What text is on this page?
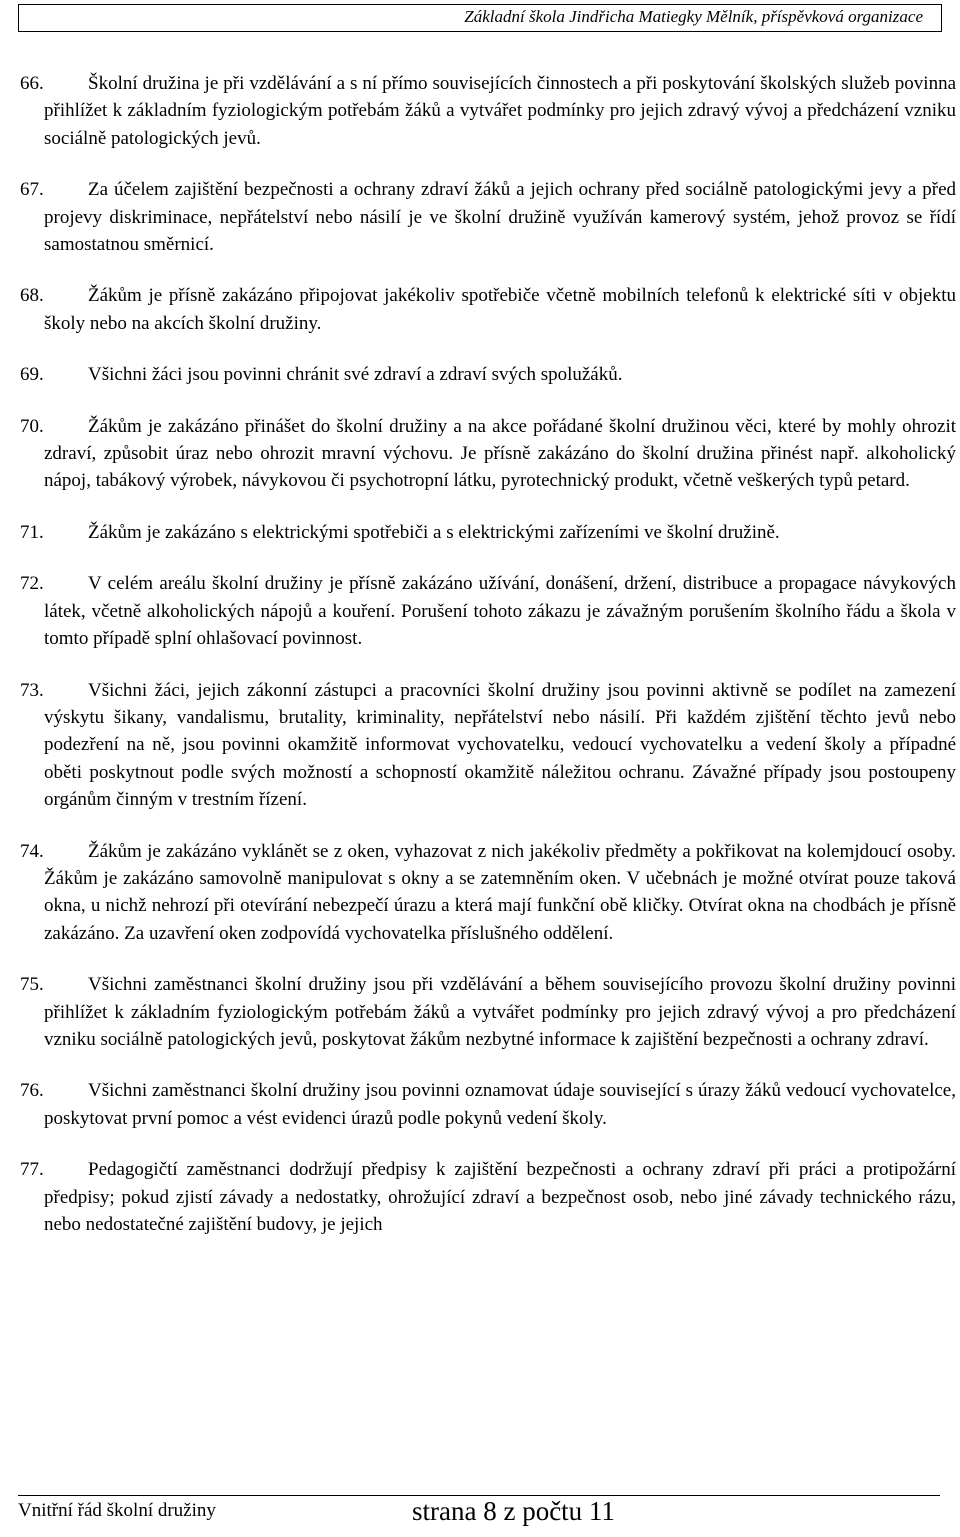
Základní škola Jindřicha Matiegky Mělník, příspěvková organizace
66.	Školní družina je při vzdělávání a s ní přímo souvisejících činnostech a při poskytování školských služeb povinna přihlížet k základním fyziologickým potřebám žáků a vytvářet podmínky pro jejich zdravý vývoj a předcházení vzniku sociálně patologických jevů.
67.	Za účelem zajištění bezpečnosti a ochrany zdraví žáků a jejich ochrany před sociálně patologickými jevy a před projevy diskriminace, nepřátelství nebo násilí je ve školní družině využíván kamerový systém, jehož provoz se řídí samostatnou směrnicí.
68.	Žákům je přísně zakázáno připojovat jakékoliv spotřebiče včetně mobilních telefonů k elektrické síti v objektu školy nebo na akcích školní družiny.
69.	Všichni žáci jsou povinni chránit své zdraví a zdraví svých spolužáků.
70.	Žákům je zakázáno přinášet do školní družiny a na akce pořádané školní družinou věci, které by mohly ohrozit zdraví, způsobit úraz nebo ohrozit mravní výchovu. Je přísně zakázáno do školní družina přinést např. alkoholický nápoj, tabákový výrobek, návykovou či psychotropní látku, pyrotechnický produkt, včetně veškerých typů petard.
71.	Žákům je zakázáno s elektrickými spotřebiči a s elektrickými zařízeními ve školní družině.
72.	V celém areálu školní družiny je přísně zakázáno užívání, donášení, držení, distribuce a propagace návykových látek, včetně alkoholických nápojů a kouření. Porušení tohoto zákazu je závažným porušením školního řádu a škola v tomto případě splní ohlašovací povinnost.
73.	Všichni žáci, jejich zákonní zástupci a pracovníci školní družiny jsou povinni aktivně se podílet na zamezení výskytu šikany, vandalismu, brutality, kriminality, nepřátelství nebo násilí. Při každém zjištění těchto jevů nebo podezření na ně, jsou povinni okamžitě informovat vychovatelku, vedoucí vychovatelku a vedení školy a případné oběti poskytnout podle svých možností a schopností okamžitě náležitou ochranu. Závažné případy jsou postoupeny orgánům činným v trestním řízení.
74.	Žákům je zakázáno vyklánět se z oken, vyhazovat z nich jakékoliv předměty a pokřikovat na kolemjdoucí osoby. Žákům je zakázáno samovolně manipulovat s okny a se zatemněním oken. V učebnách je možné otvírat pouze taková okna, u nichž nehrozí při otevírání nebezpečí úrazu a která mají funkční obě kličky. Otvírat okna na chodbách je přísně zakázáno. Za uzavření oken zodpovídá vychovatelka příslušného oddělení.
75.	Všichni zaměstnanci školní družiny jsou při vzdělávání a během souvisejícího provozu školní družiny povinni přihlížet k základním fyziologickým potřebám žáků a vytvářet podmínky pro jejich zdravý vývoj a pro předcházení vzniku sociálně patologických jevů, poskytovat žákům nezbytné informace k zajištění bezpečnosti a ochrany zdraví.
76.	Všichni zaměstnanci školní družiny jsou povinni oznamovat údaje související s úrazy žáků vedoucí vychovatelce, poskytovat první pomoc a vést evidenci úrazů podle pokynů vedení školy.
77.	Pedagogičtí zaměstnanci dodržují předpisy k zajištění bezpečnosti a ochrany zdraví při práci a protipožární předpisy; pokud zjistí závady a nedostatky, ohrožující zdraví a bezpečnost osob, nebo jiné závady technického rázu, nebo nedostatečné zajištění budovy, je jejich
Vnitřní řád školní družiny	strana 8 z počtu 11
